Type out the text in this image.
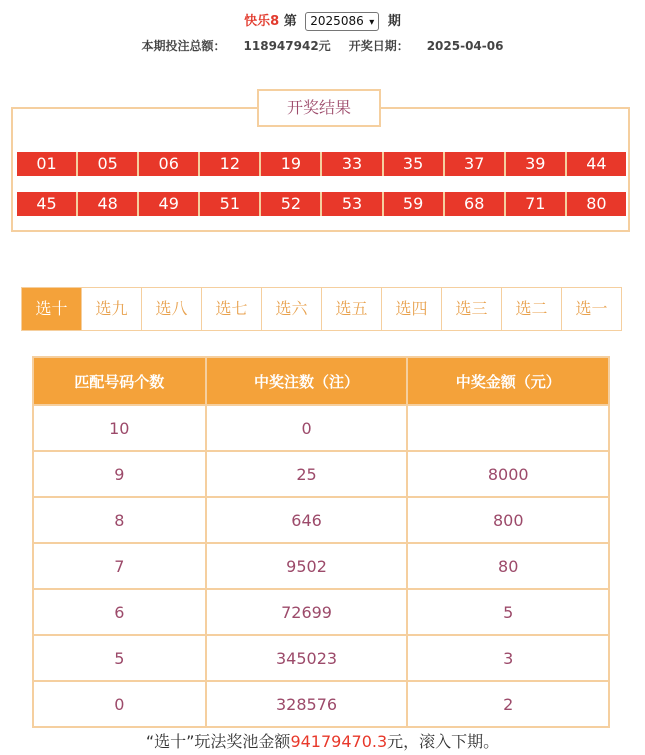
快乐8 第 2025086 ▾ 期
本期投注总额： 118947942元 开奖日期： 2025-04-06
开奖结果
01	05	06	12	19	33	35	37	39	44
45	48	49	51	52	53	59	68	71	80
选十	选九	选八	选七	选六	选五	选四	选三	选二	选一
匹配号码个数	中奖注数（注）	中奖金额（元）
10	0	
9	25	8000
8	646	800
7	9502	80
6	72699	5
5	345023	3
0	328576	2
“选十”玩法奖池金额94179470.3元，滚入下期。
